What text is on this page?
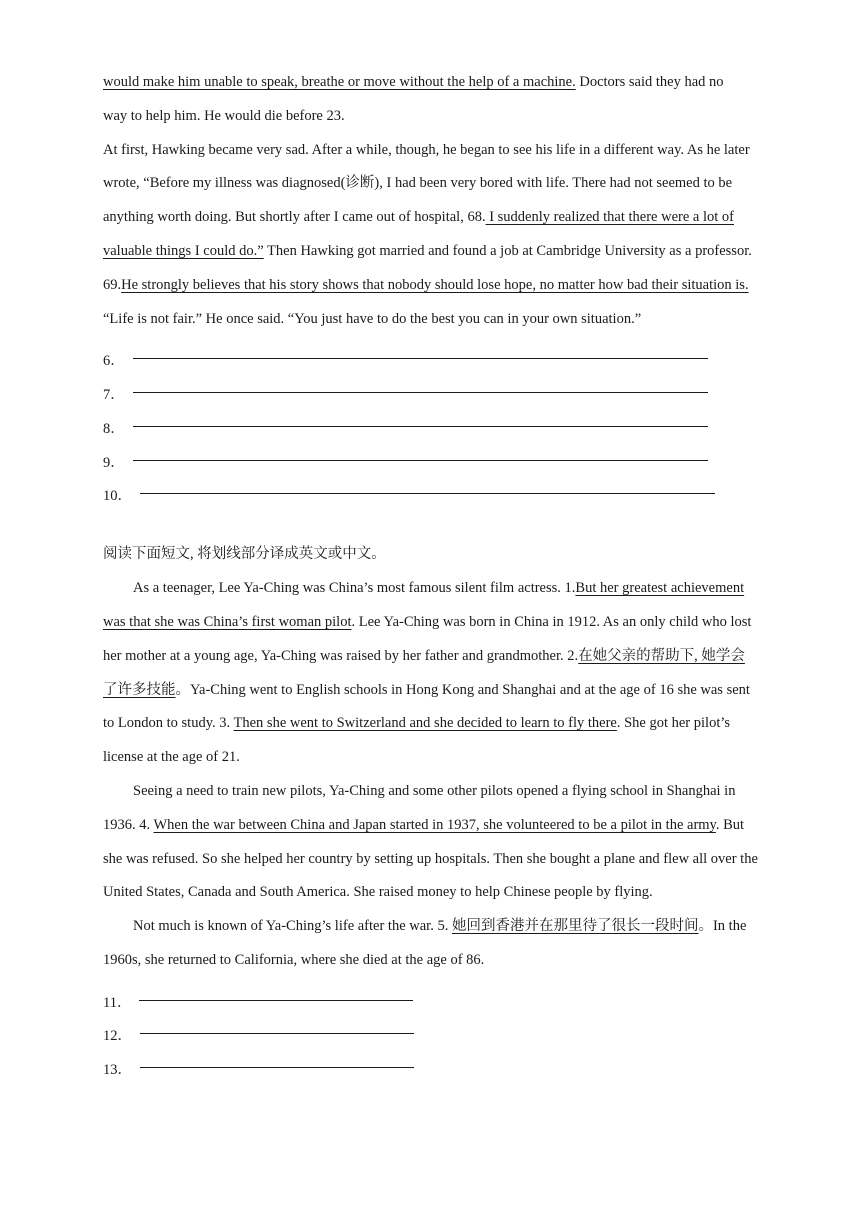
would make him unable to speak, breathe or move without the help of a machine. Doctors said they had no
way to help him. He would die before 23.
At first, Hawking became very sad. After a while, though, he began to see his life in a different way. As he later wrote, “Before my illness was diagnosed(诊断), I had been very bored with life. There had not seemed to be anything worth doing. But shortly after I came out of hospital, 68. I suddenly realized that there were a lot of valuable things I could do.” Then Hawking got married and found a job at Cambridge University as a professor. 69.He strongly believes that his story shows that nobody should lose hope, no matter how bad their situation is. “Life is not fair.” He once said. “You just have to do the best you can in your own situation.”
6．
7．
8．
9．
10．
阅读下面短文, 将划线部分译成英文或中文。
As a teenager, Lee Ya-Ching was China’s most famous silent film actress. 1.But her greatest achievement was that she was China’s first woman pilot. Lee Ya-Ching was born in China in 1912. As an only child who lost her mother at a young age, Ya-Ching was raised by her father and grandmother. 2.在她父亲的帮助下, 她学会了许多技能。Ya-Ching went to English schools in Hong Kong and Shanghai and at the age of 16 she was sent to London to study. 3. Then she went to Switzerland and she decided to learn to fly there. She got her pilot’s license at the age of 21.
Seeing a need to train new pilots, Ya-Ching and some other pilots opened a flying school in Shanghai in 1936. 4. When the war between China and Japan started in 1937, she volunteered to be a pilot in the army. But she was refused. So she helped her country by setting up hospitals. Then she bought a plane and flew all over the United States, Canada and South America. She raised money to help Chinese people by flying.
Not much is known of Ya-Ching’s life after the war. 5. 她回到香港并在那里待了很长一段时间。In the 1960s, she returned to California, where she died at the age of 86.
11．
12．
13．
